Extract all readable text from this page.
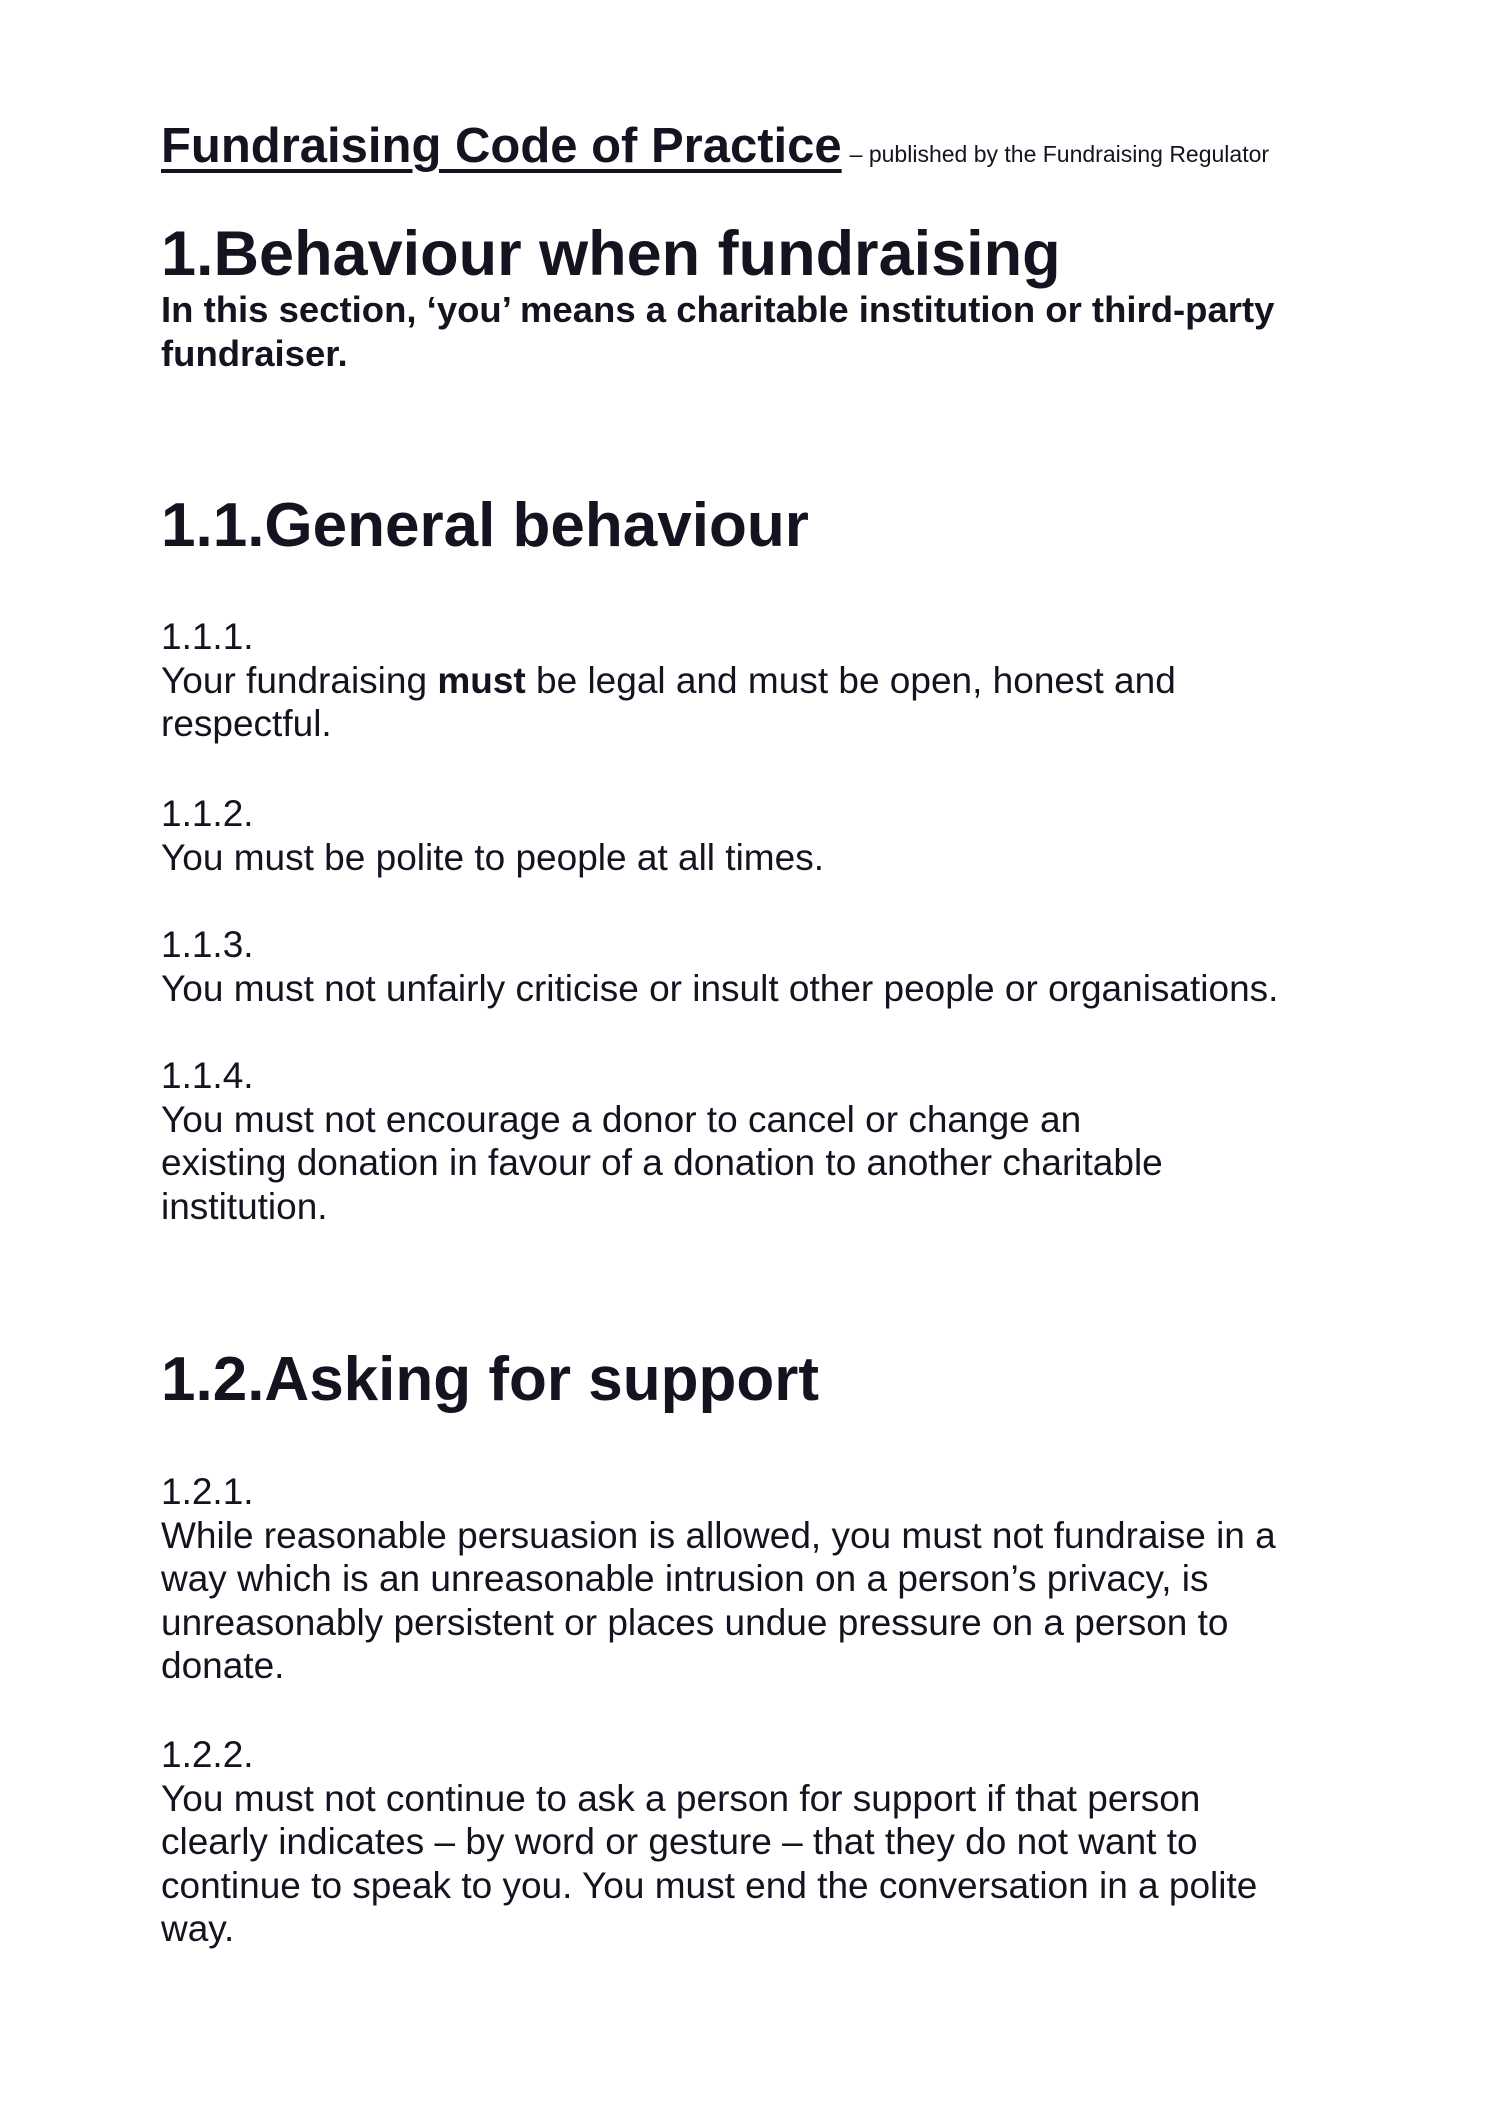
Fundraising Code of Practice – published by the Fundraising Regulator
1.Behaviour when fundraising
In this section, ‘you’ means a charitable institution or third-party
fundraiser.
1.1.General behaviour
1.1.1.
Your fundraising must be legal and must be open, honest and
respectful.
1.1.2.
You must be polite to people at all times.
1.1.3.
You must not unfairly criticise or insult other people or organisations.
1.1.4.
You must not encourage a donor to cancel or change an
existing donation in favour of a donation to another charitable
institution.
1.2.Asking for support
1.2.1.
While reasonable persuasion is allowed, you must not fundraise in a
way which is an unreasonable intrusion on a person’s privacy, is
unreasonably persistent or places undue pressure on a person to
donate.
1.2.2.
You must not continue to ask a person for support if that person
clearly indicates – by word or gesture – that they do not want to
continue to speak to you. You must end the conversation in a polite
way.
